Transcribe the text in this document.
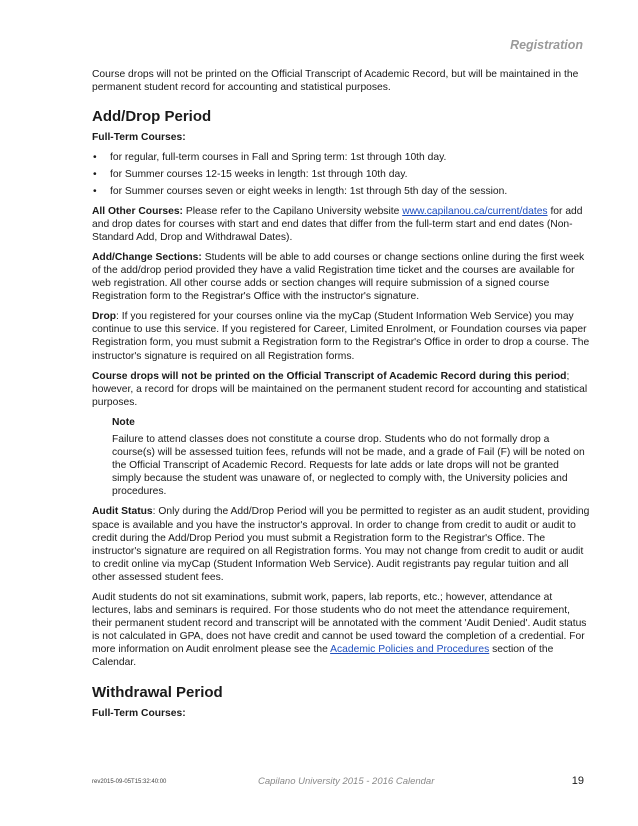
Registration

Course drops will not be printed on the Official Transcript of Academic Record, but will be maintained in the permanent student record for accounting and statistical purposes.

Add/Drop Period
Full-Term Courses:
• for regular, full-term courses in Fall and Spring term: 1st through 10th day.
• for Summer courses 12-15 weeks in length: 1st through 10th day.
• for Summer courses seven or eight weeks in length: 1st through 5th day of the session.

All Other Courses: Please refer to the Capilano University website www.capilanou.ca/current/dates for add and drop dates for courses with start and end dates that differ from the full-term start and end dates (Non-Standard Add, Drop and Withdrawal Dates).

Add/Change Sections: Students will be able to add courses or change sections online during the first week of the add/drop period provided they have a valid Registration time ticket and the courses are available for web registration. All other course adds or section changes will require submission of a signed course Registration form to the Registrar's Office with the instructor's signature.

Drop: If you registered for your courses online via the myCap (Student Information Web Service) you may continue to use this service. If you registered for Career, Limited Enrolment, or Foundation courses via paper Registration form, you must submit a Registration form to the Registrar's Office in order to drop a course. The instructor's signature is required on all Registration forms.

Course drops will not be printed on the Official Transcript of Academic Record during this period; however, a record for drops will be maintained on the permanent student record for accounting and statistical purposes.

Note
Failure to attend classes does not constitute a course drop. Students who do not formally drop a course(s) will be assessed tuition fees, refunds will not be made, and a grade of Fail (F) will be noted on the Official Transcript of Academic Record. Requests for late adds or late drops will not be granted simply because the student was unaware of, or neglected to comply with, the University policies and procedures.

Audit Status: Only during the Add/Drop Period will you be permitted to register as an audit student, providing space is available and you have the instructor's approval. In order to change from credit to audit or audit to credit during the Add/Drop Period you must submit a Registration form to the Registrar's Office. The instructor's signature are required on all Registration forms. You may not change from credit to audit or audit to credit online via myCap (Student Information Web Service). Audit registrants pay regular tuition and all other assessed student fees.

Audit students do not sit examinations, submit work, papers, lab reports, etc.; however, attendance at lectures, labs and seminars is required. For those students who do not meet the attendance requirement, their permanent student record and transcript will be annotated with the comment 'Audit Denied'. Audit status is not calculated in GPA, does not have credit and cannot be used toward the completion of a credential. For more information on Audit enrolment please see the Academic Policies and Procedures section of the Calendar.

Withdrawal Period
Full-Term Courses:
rev2015-09-05T15:32:40:00	Capilano University 2015 - 2016 Calendar	19
